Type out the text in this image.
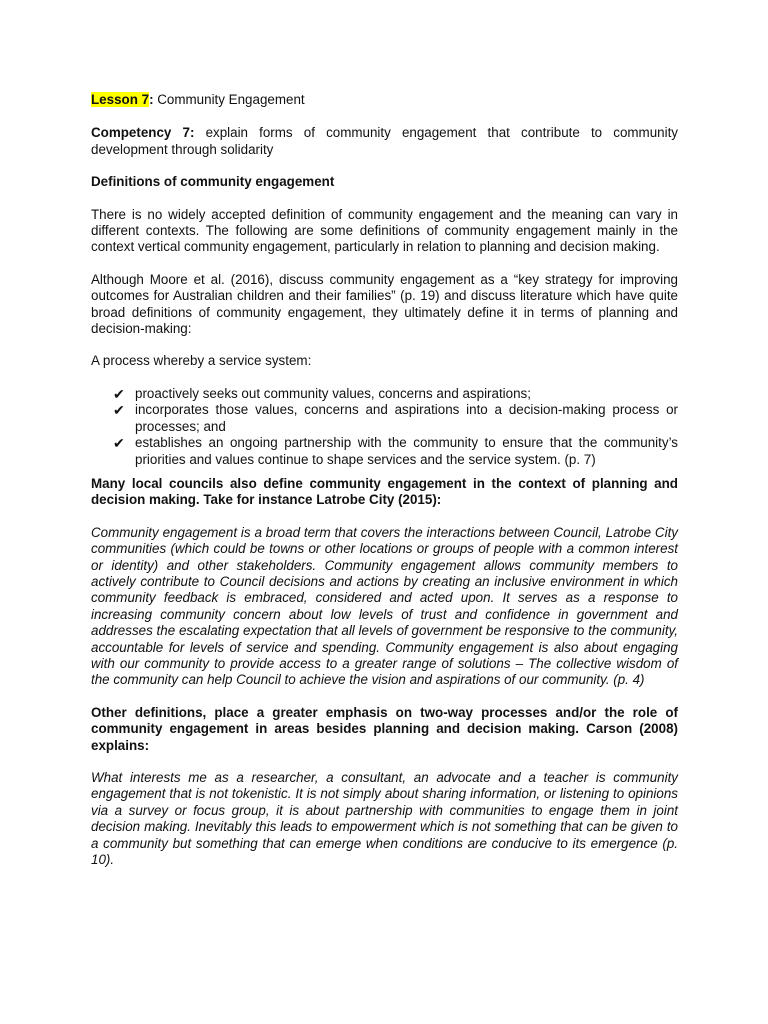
Lesson 7: Community Engagement

Competency 7: explain forms of community engagement that contribute to community development through solidarity

Definitions of community engagement

There is no widely accepted definition of community engagement and the meaning can vary in different contexts. The following are some definitions of community engagement mainly in the context vertical community engagement, particularly in relation to planning and decision making.

Although Moore et al. (2016), discuss community engagement as a “key strategy for improving outcomes for Australian children and their families” (p. 19) and discuss literature which have quite broad definitions of community engagement, they ultimately define it in terms of planning and decision-making:

A process whereby a service system:

✔ proactively seeks out community values, concerns and aspirations;
✔ incorporates those values, concerns and aspirations into a decision-making process or processes; and
✔ establishes an ongoing partnership with the community to ensure that the community’s priorities and values continue to shape services and the service system. (p. 7)

Many local councils also define community engagement in the context of planning and decision making. Take for instance Latrobe City (2015):

Community engagement is a broad term that covers the interactions between Council, Latrobe City communities (which could be towns or other locations or groups of people with a common interest or identity) and other stakeholders. Community engagement allows community members to actively contribute to Council decisions and actions by creating an inclusive environment in which community feedback is embraced, considered and acted upon. It serves as a response to increasing community concern about low levels of trust and confidence in government and addresses the escalating expectation that all levels of government be responsive to the community, accountable for levels of service and spending. Community engagement is also about engaging with our community to provide access to a greater range of solutions – The collective wisdom of the community can help Council to achieve the vision and aspirations of our community. (p. 4)

Other definitions, place a greater emphasis on two-way processes and/or the role of community engagement in areas besides planning and decision making. Carson (2008) explains:

What interests me as a researcher, a consultant, an advocate and a teacher is community engagement that is not tokenistic. It is not simply about sharing information, or listening to opinions via a survey or focus group, it is about partnership with communities to engage them in joint decision making. Inevitably this leads to empowerment which is not something that can be given to a community but something that can emerge when conditions are conducive to its emergence (p. 10).
